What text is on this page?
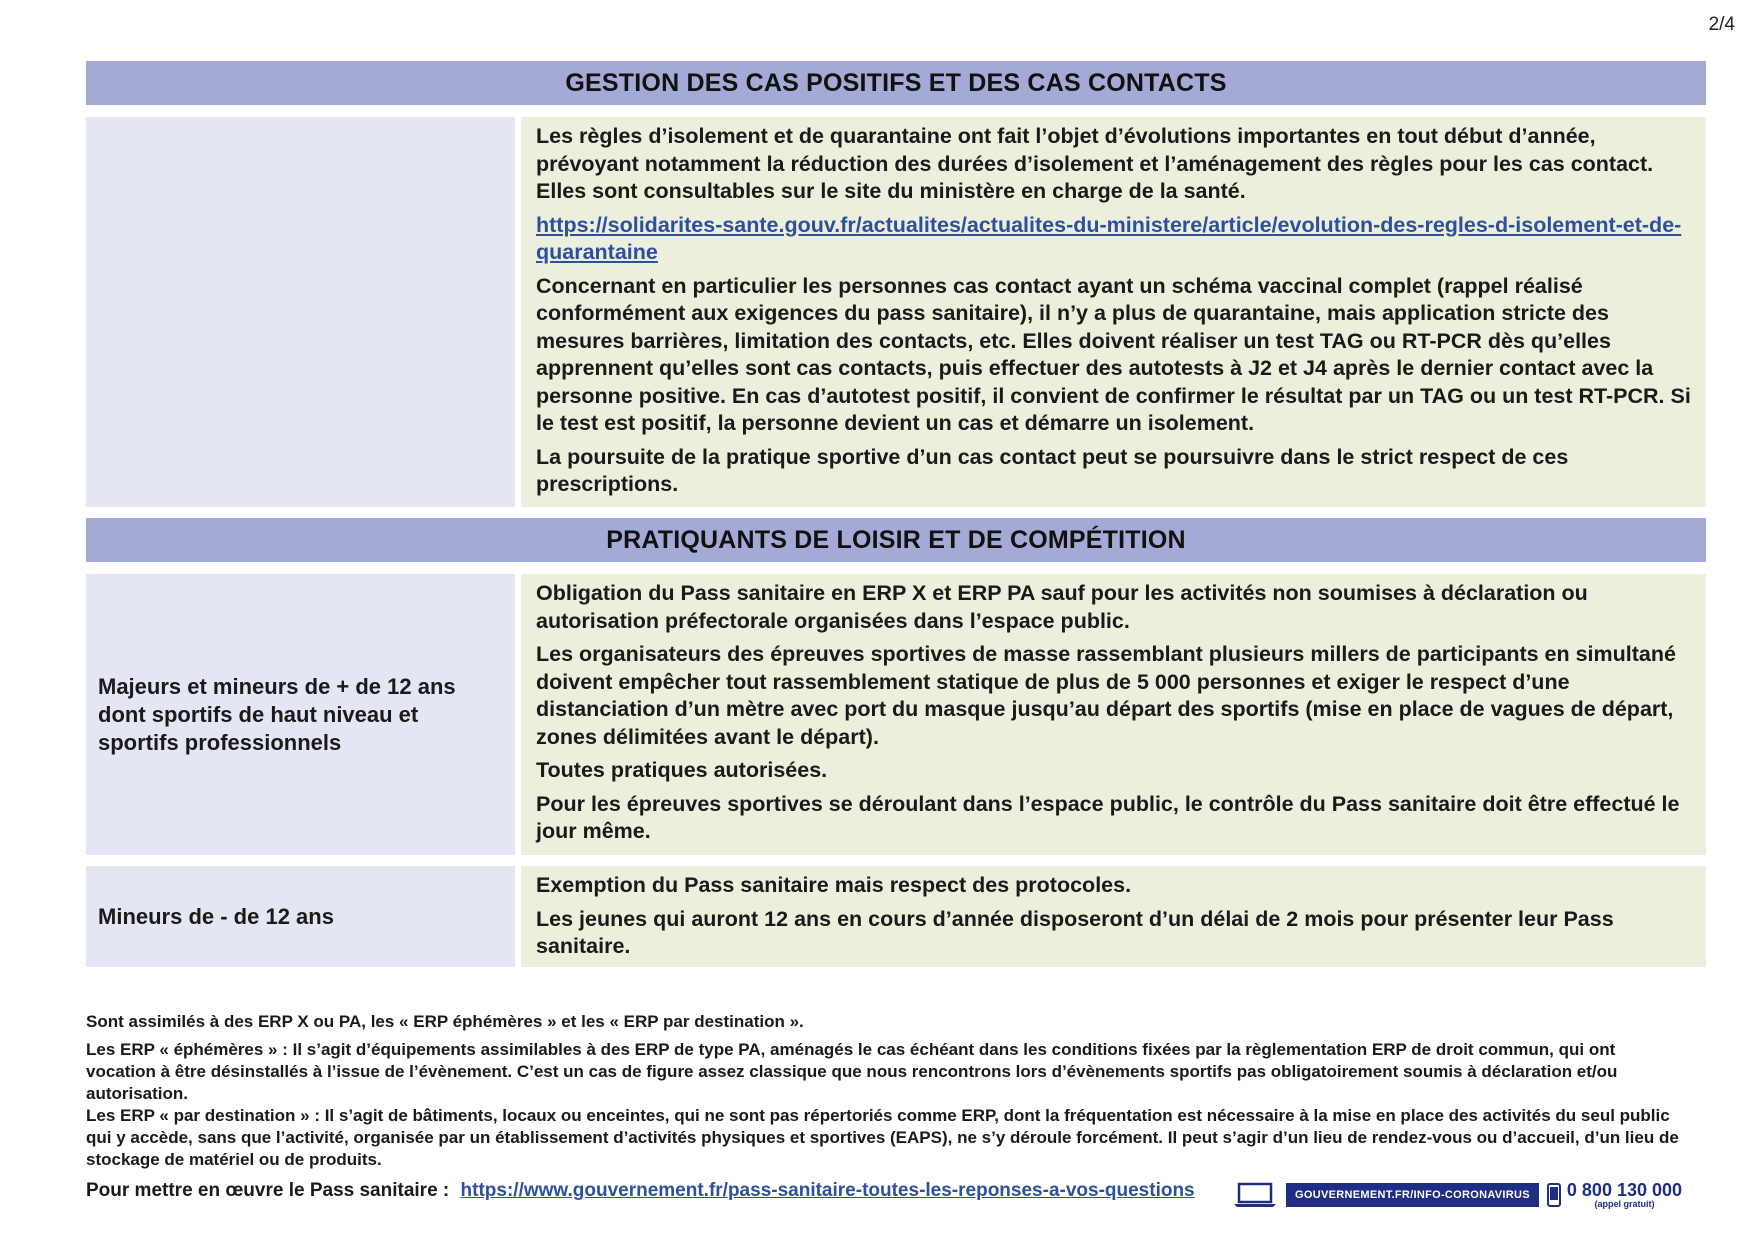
2/4
GESTION DES CAS POSITIFS ET DES CAS CONTACTS

Les règles d’isolement et de quarantaine ont fait l’objet d’évolutions importantes en tout début d’année, prévoyant notamment la réduction des durées d’isolement et l’aménagement des règles pour les cas contact. Elles sont consultables sur le site du ministère en charge de la santé.

https://solidarites-sante.gouv.fr/actualites/actualites-du-ministere/article/evolution-des-regles-d-isolement-et-de-quarantaine

Concernant en particulier les personnes cas contact ayant un schéma vaccinal complet (rappel réalisé conformément aux exigences du pass sanitaire), il n’y a plus de quarantaine, mais application stricte des mesures barrières, limitation des contacts, etc. Elles doivent réaliser un test TAG ou RT-PCR dès qu’elles apprennent qu’elles sont cas contacts, puis effectuer des autotests à J2 et J4 après le dernier contact avec la personne positive. En cas d’autotest positif, il convient de confirmer le résultat par un TAG ou un test RT-PCR. Si le test est positif, la personne devient un cas et démarre un isolement.

La poursuite de la pratique sportive d’un cas contact peut se poursuivre dans le strict respect de ces prescriptions.

PRATIQUANTS DE LOISIR ET DE COMPÉTITION
Majeurs et mineurs de + de 12 ans dont sportifs de haut niveau et sportifs professionnels

Obligation du Pass sanitaire en ERP X et ERP PA sauf pour les activités non soumises à déclaration ou autorisation préfectorale organisées dans l’espace public.

Les organisateurs des épreuves sportives de masse rassemblant plusieurs millers de participants en simultané doivent empêcher tout rassemblement statique de plus de 5 000 personnes et exiger le respect d’une distanciation d’un mètre avec port du masque jusqu’au départ des sportifs (mise en place de vagues de départ, zones délimitées avant le départ).

Toutes pratiques autorisées.

Pour les épreuves sportives se déroulant dans l’espace public, le contrôle du Pass sanitaire doit être effectué le jour même.

Mineurs de - de 12 ans

Exemption du Pass sanitaire mais respect des protocoles.

Les jeunes qui auront 12 ans en cours d’année disposeront d’un délai de 2 mois pour présenter leur Pass sanitaire.

Sont assimilés à des ERP X ou PA, les « ERP éphémères » et les « ERP par destination ».

Les ERP « éphémères » : Il s’agit d’équipements assimilables à des ERP de type PA, aménagés le cas échéant dans les conditions fixées par la règlementation ERP de droit commun, qui ont vocation à être désinstallés à l’issue de l’évènement. C’est un cas de figure assez classique que nous rencontrons lors d’évènements sportifs pas obligatoirement soumis à déclaration et/ou autorisation.

Les ERP « par destination » : Il s’agit de bâtiments, locaux ou enceintes, qui ne sont pas répertoriés comme ERP, dont la fréquentation est nécessaire à la mise en place des activités du seul public qui y accède, sans que l’activité, organisée par un établissement d’activités physiques et sportives (EAPS), ne s’y déroule forcément. Il peut s’agir d’un lieu de rendez-vous ou d’accueil, d’un lieu de stockage de matériel ou de produits.

Pour mettre en œuvre le Pass sanitaire : https://www.gouvernement.fr/pass-sanitaire-toutes-les-reponses-a-vos-questions	GOUVERNEMENT.FR/INFO-CORONAVIRUS	0 800 130 000
(appel gratuit)
